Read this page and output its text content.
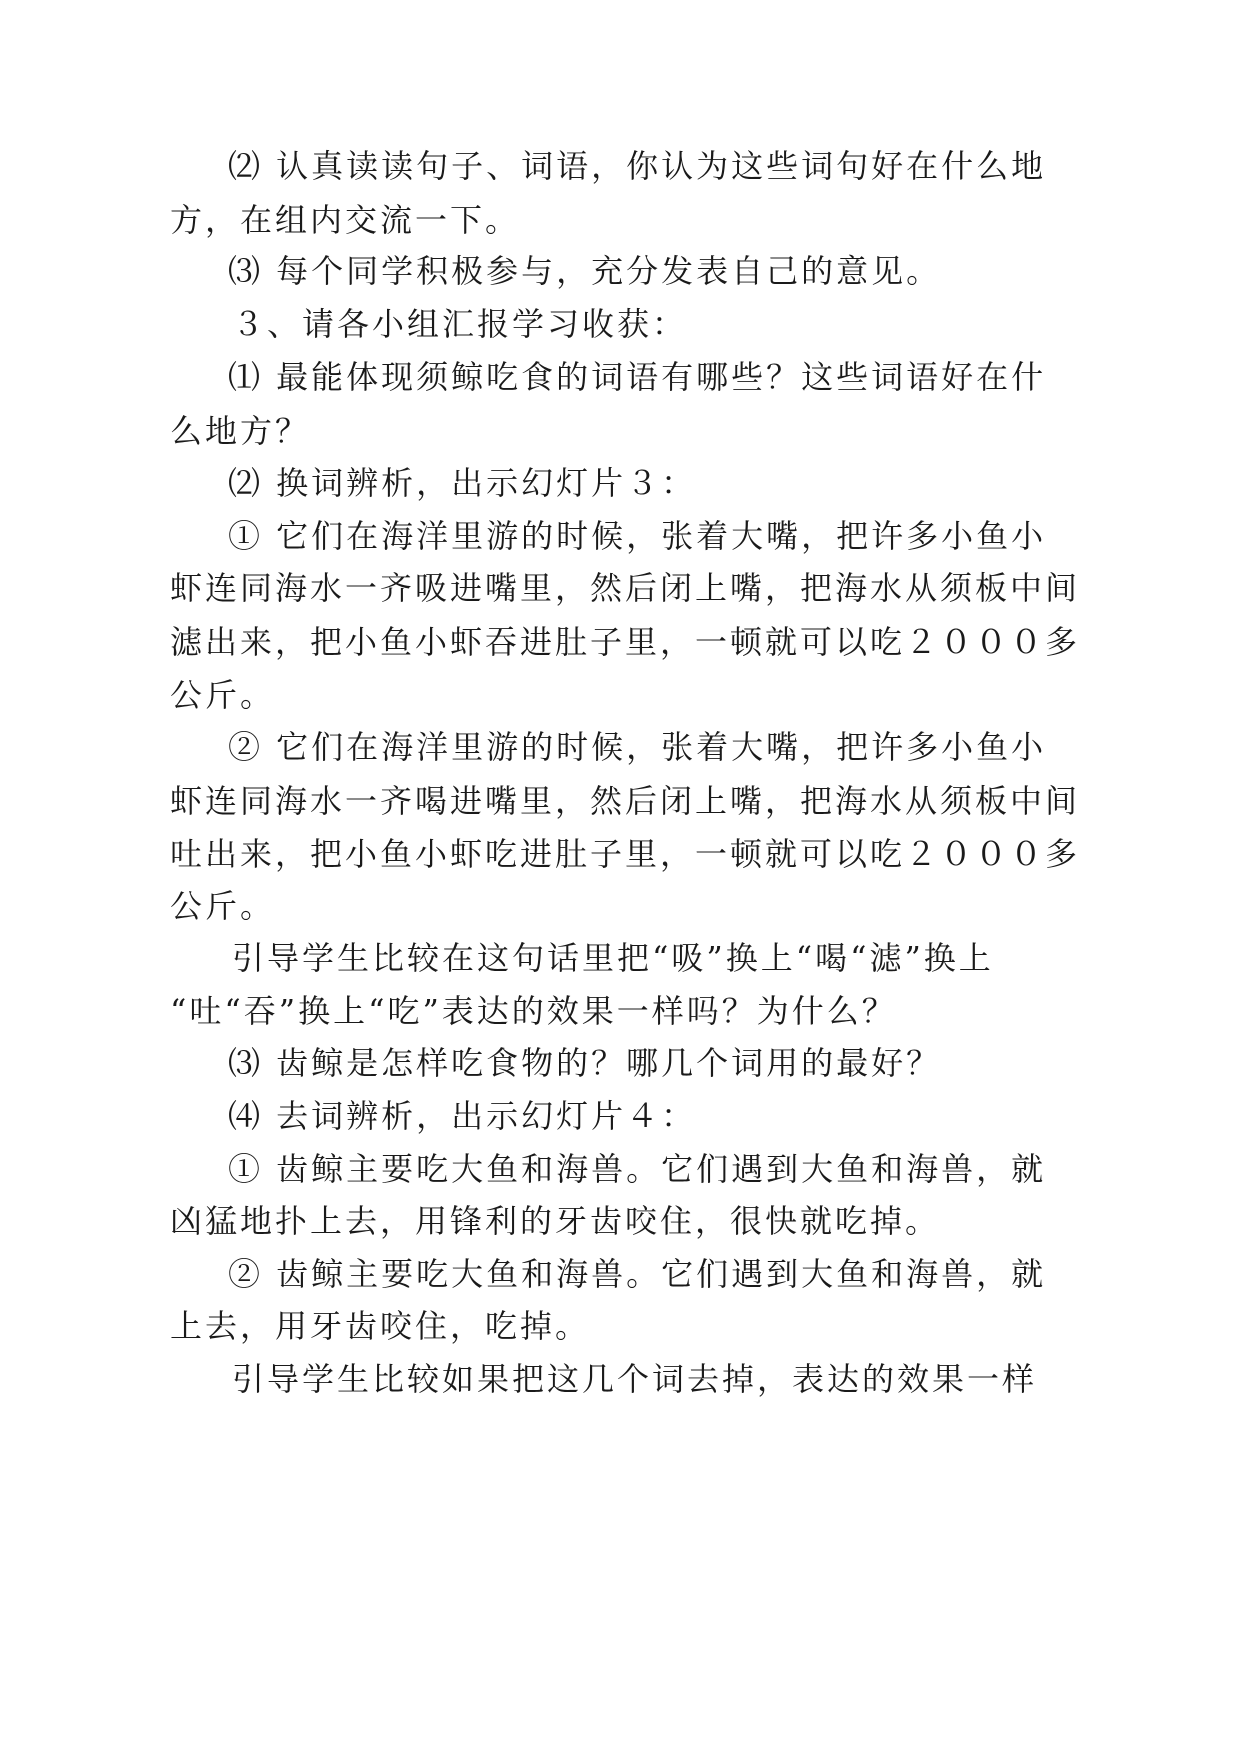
⑵ 认真读读句子、词语，你认为这些词句好在什么地
方，在组内交流一下。
⑶ 每个同学积极参与，充分发表自己的意见。
３、请各小组汇报学习收获：
⑴ 最能体现须鲸吃食的词语有哪些？这些词语好在什
么地方？
⑵ 换词辨析，出示幻灯片３：
① 它们在海洋里游的时候，张着大嘴，把许多小鱼小
虾连同海水一齐吸进嘴里，然后闭上嘴，把海水从须板中间
滤出来，把小鱼小虾吞进肚子里，一顿就可以吃２０００多
公斤。
② 它们在海洋里游的时候，张着大嘴，把许多小鱼小
虾连同海水一齐喝进嘴里，然后闭上嘴，把海水从须板中间
吐出来，把小鱼小虾吃进肚子里，一顿就可以吃２０００多
公斤。
引导学生比较在这句话里把“吸”换上“喝“滤”换上
“吐“吞”换上“吃”表达的效果一样吗？为什么？
⑶ 齿鲸是怎样吃食物的？哪几个词用的最好？
⑷ 去词辨析，出示幻灯片４：
① 齿鲸主要吃大鱼和海兽。它们遇到大鱼和海兽，就
凶猛地扑上去，用锋利的牙齿咬住，很快就吃掉。
② 齿鲸主要吃大鱼和海兽。它们遇到大鱼和海兽，就
上去，用牙齿咬住，吃掉。
引导学生比较如果把这几个词去掉，表达的效果一样
